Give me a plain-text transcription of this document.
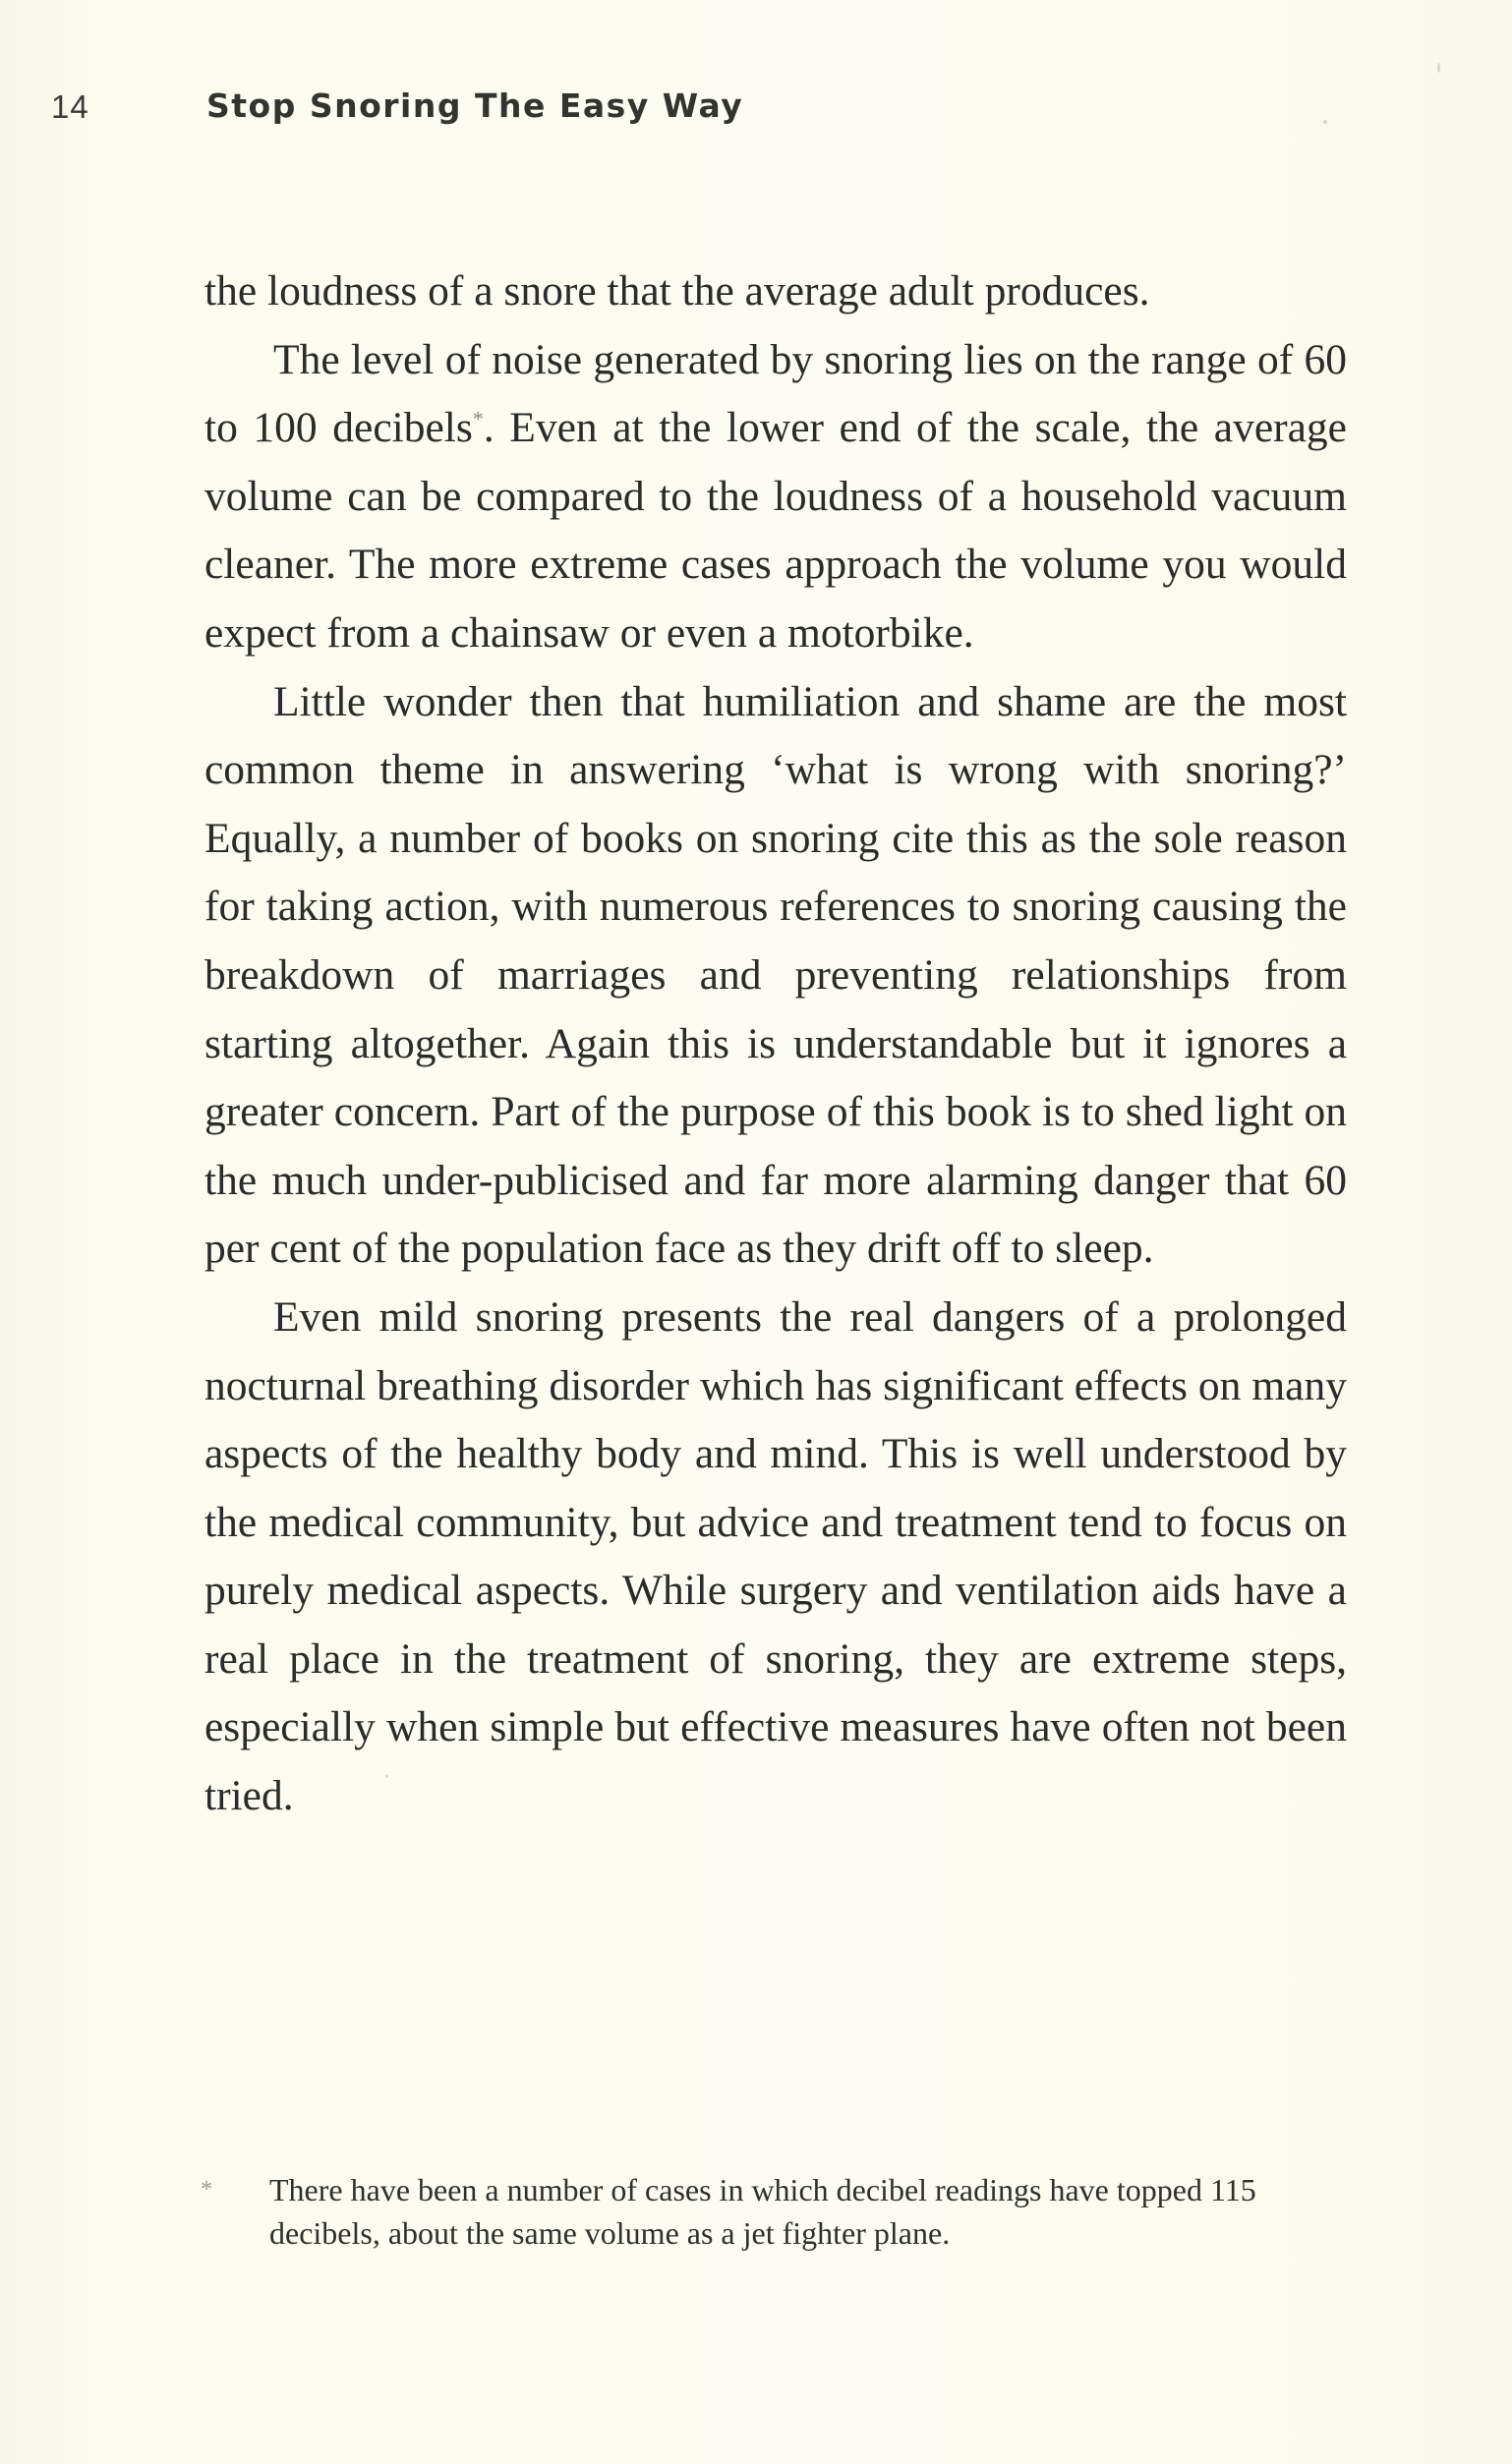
14	Stop Snoring The Easy Way

the loudness of a snore that the average adult produces.

The level of noise generated by snoring lies on the range of 60 to 100 decibels*. Even at the lower end of the scale, the average volume can be compared to the loudness of a household vacuum cleaner. The more extreme cases approach the volume you would expect from a chainsaw or even a motorbike.

Little wonder then that humiliation and shame are the most common theme in answering ‘what is wrong with snoring?’ Equally, a number of books on snoring cite this as the sole reason for taking action, with numerous references to snoring causing the breakdown of marriages and preventing relationships from starting altogether. Again this is understandable but it ignores a greater concern. Part of the purpose of this book is to shed light on the much under-publicised and far more alarming danger that 60 per cent of the population face as they drift off to sleep.

Even mild snoring presents the real dangers of a prolonged nocturnal breathing disorder which has significant effects on many aspects of the healthy body and mind. This is well understood by the medical community, but advice and treatment tend to focus on purely medical aspects. While surgery and ventilation aids have a real place in the treatment of snoring, they are extreme steps, especially when simple but effective measures have often not been tried.

* There have been a number of cases in which decibel readings have topped 115 decibels, about the same volume as a jet fighter plane.
